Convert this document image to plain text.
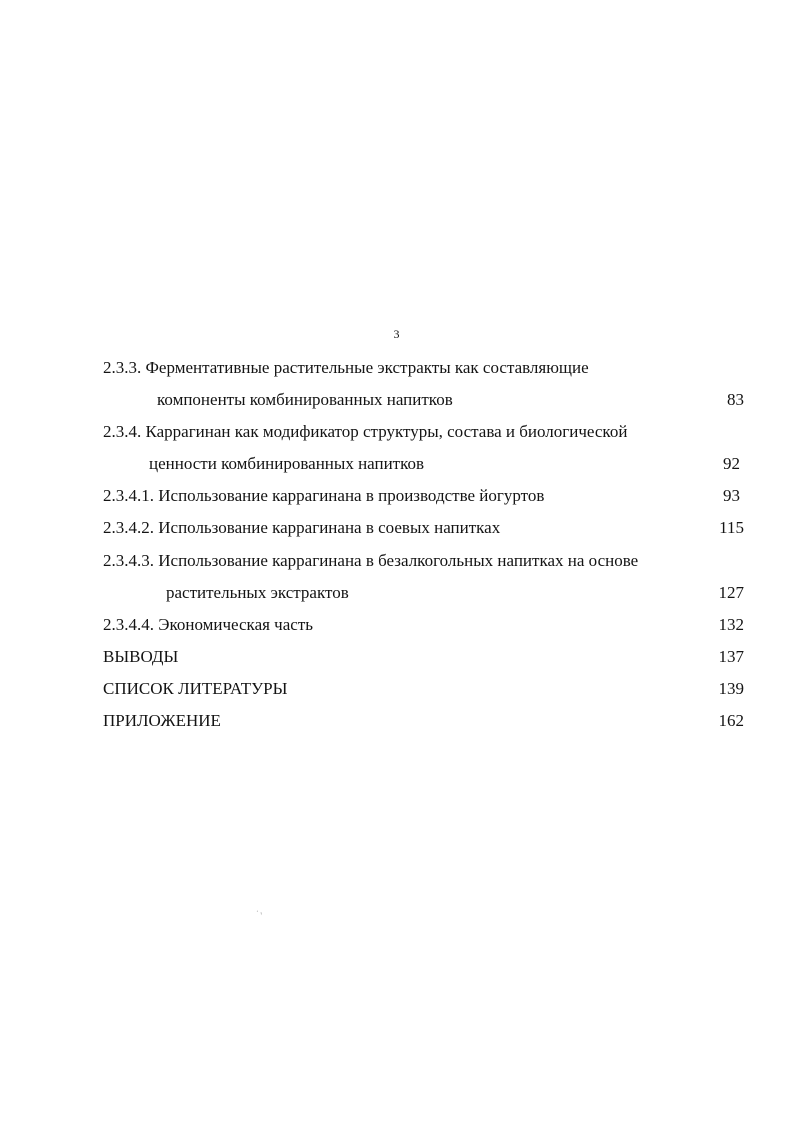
3
2.3.3. Ферментативные растительные экстракты как составляющие
компоненты комбинированных напитков	83
2.3.4. Каррагинан как модификатор структуры, состава и биологической
ценности комбинированных напитков	92
2.3.4.1. Использование каррагинана в производстве йогуртов	93
2.3.4.2. Использование каррагинана в соевых напитках	115
2.3.4.3. Использование каррагинана в безалкогольных напитках на основе
растительных экстрактов	127
2.3.4.4. Экономическая часть	132
ВЫВОДЫ	137
СПИСОК ЛИТЕРАТУРЫ	139
ПРИЛОЖЕНИЕ	162
·,
